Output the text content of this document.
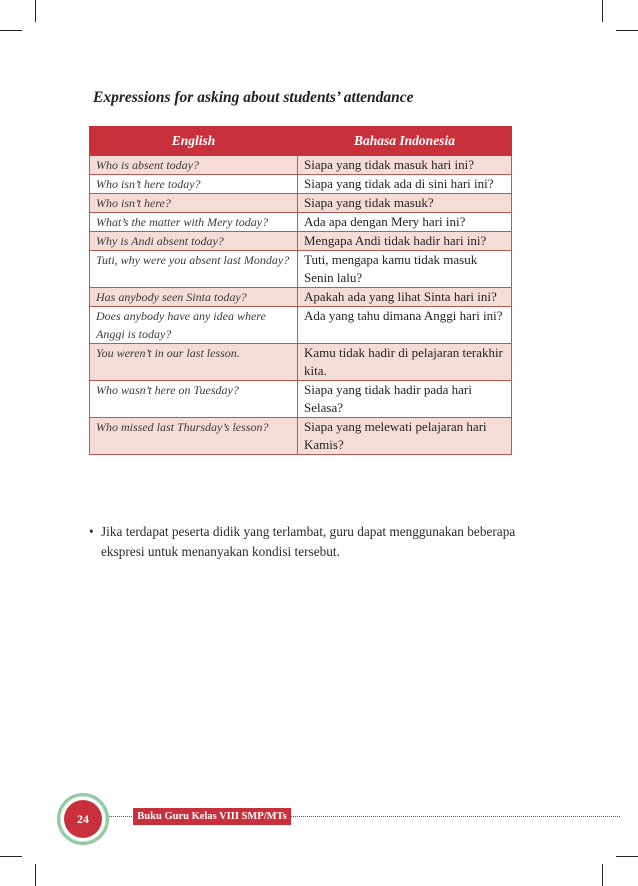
Expressions for asking about students’ attendance
English	Bahasa Indonesia
Who is absent today?	Siapa yang tidak masuk hari ini?
Who isn’t here today?	Siapa yang tidak ada di sini hari ini?
Who isn’t here?	Siapa yang tidak masuk?
What’s the matter with Mery today?	Ada apa dengan Mery hari ini?
Why is Andi absent today?	Mengapa Andi tidak hadir hari ini?
Tuti, why were you absent last Monday?	Tuti, mengapa kamu tidak masuk Senin lalu?
Has anybody seen Sinta today?	Apakah ada yang lihat Sinta hari ini?
Does anybody have any idea where Anggi is today?	Ada yang tahu dimana Anggi hari ini?
You weren’t in our last lesson.	Kamu tidak hadir di pelajaran terakhir kita.
Who wasn’t here on Tuesday?	Siapa yang tidak hadir pada hari Selasa?
Who missed last Thursday’s lesson?	Siapa yang melewati pelajaran hari Kamis?
• Jika terdapat peserta didik yang terlambat, guru dapat menggunakan beberapa ekspresi untuk menanyakan kondisi tersebut.
24	Buku Guru Kelas VIII SMP/MTs
